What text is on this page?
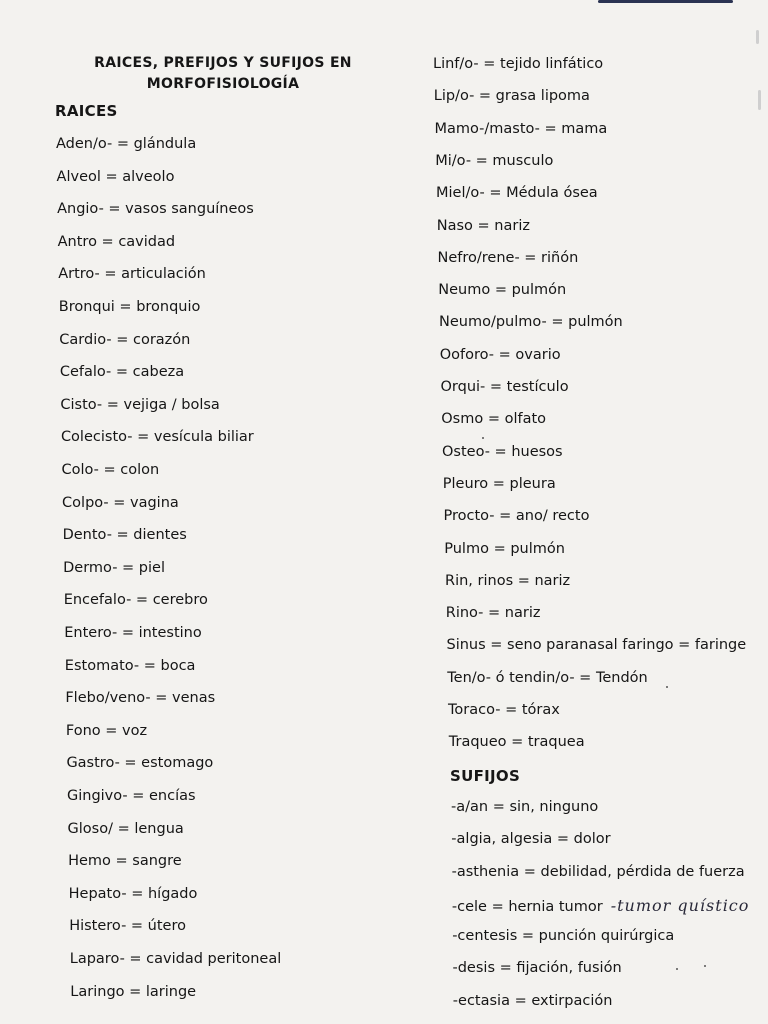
RAICES, PREFIJOS Y SUFIJOS EN
MORFOFISIOLOGÍA
RAICES
Aden/o- = glándula
Alveol = alveolo
Angio- = vasos sanguíneos
Antro = cavidad
Artro- = articulación
Bronqui = bronquio
Cardio- = corazón
Cefalo- = cabeza
Cisto- = vejiga / bolsa
Colecisto- = vesícula biliar
Colo- = colon
Colpo- = vagina
Dento- = dientes
Dermo- = piel
Encefalo- = cerebro
Entero- = intestino
Estomato- = boca
Flebo/veno- = venas
Fono = voz
Gastro- = estomago
Gingivo- = encías
Gloso/ = lengua
Hemo = sangre
Hepato- = hígado
Histero- = útero
Laparo- = cavidad peritoneal
Laringo = laringe
Linf/o- = tejido linfático
Lip/o- = grasa lipoma
Mamo-/masto- = mama
Mi/o- = musculo
Miel/o- = Médula ósea
Naso = nariz
Nefro/rene- = riñón
Neumo = pulmón
Neumo/pulmo- = pulmón
Ooforo- = ovario
Orqui- = testículo
Osmo = olfato
Osteo- = huesos
Pleuro = pleura
Procto- = ano/ recto
Pulmo = pulmón
Rin, rinos = nariz
Rino- = nariz
Sinus = seno paranasal faringo = faringe
Ten/o- ó tendin/o- = Tendón
Toraco- = tórax
Traqueo = traquea
SUFIJOS
-a/an = sin, ninguno
-algia, algesia = dolor
-asthenia = debilidad, pérdida de fuerza
-cele = hernia tumor -tumor quístico
-centesis = punción quirúrgica
-desis = fijación, fusión
-ectasia = extirpación
